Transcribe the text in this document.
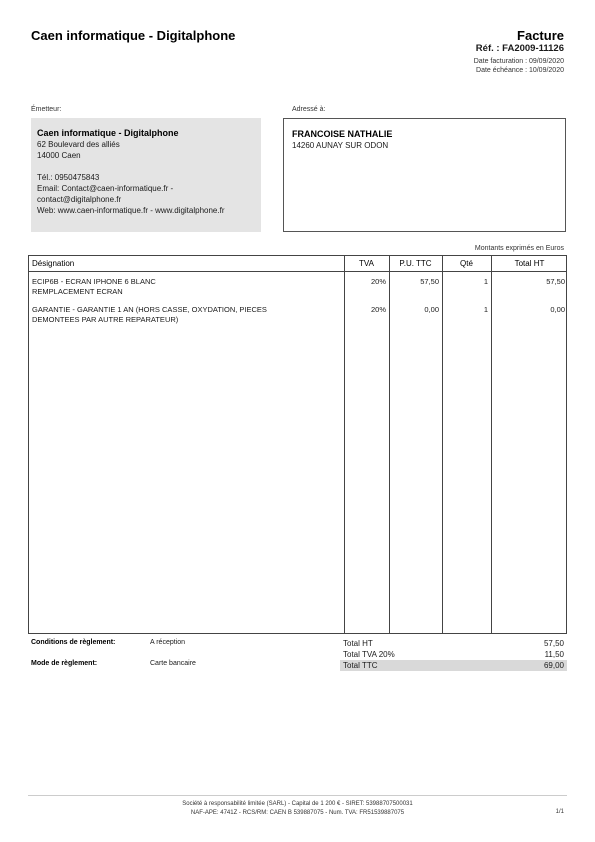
Caen informatique - Digitalphone	Facture
Réf. : FA2009-11126
Date facturation : 09/09/2020
Date échéance : 10/09/2020
Émetteur:
Caen informatique - Digitalphone
62 Boulevard des alliés
14000 Caen
Tél.: 0950475843
Email: Contact@caen-informatique.fr -
contact@digitalphone.fr
Web: www.caen-informatique.fr - www.digitalphone.fr
Adressé à:
FRANCOISE NATHALIE
14260 AUNAY SUR ODON
Montants exprimés en Euros
Désignation	TVA	P.U. TTC	Qté	Total HT
ECIP6B - ECRAN IPHONE 6 BLANC
REMPLACEMENT ECRAN
20%	57,50	1	57,50
GARANTIE - GARANTIE 1 AN (HORS CASSE, OXYDATION, PIECES
DEMONTEES PAR AUTRE REPARATEUR)
20%	0,00	1	0,00
Conditions de règlement:	A réception
Mode de règlement:	Carte bancaire
Total HT	57,50
Total TVA 20%	11,50
Total TTC	69,00
Société à responsabilité limitée (SARL) - Capital de 1 200 € - SIRET: 53988707500031
NAF-APE: 4741Z - RCS/RM: CAEN B 539887075 - Num. TVA: FR51539887075	1/1
